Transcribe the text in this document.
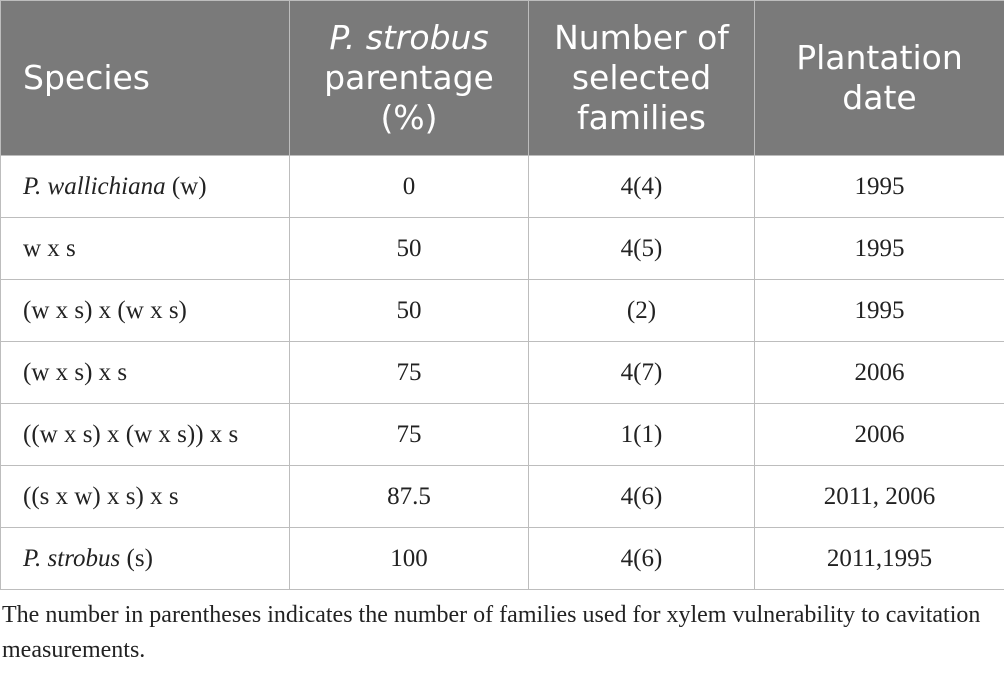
Species	P. strobus parentage (%)	Number of selected families	Plantation date
P. wallichiana (w)	0	4(4)	1995
w x s	50	4(5)	1995
(w x s) x (w x s)	50	(2)	1995
(w x s) x s	75	4(7)	2006
((w x s) x (w x s)) x s	75	1(1)	2006
((s x w) x s) x s	87.5	4(6)	2011, 2006
P. strobus (s)	100	4(6)	2011,1995

The number in parentheses indicates the number of families used for xylem vulnerability to cavitation measurements.
